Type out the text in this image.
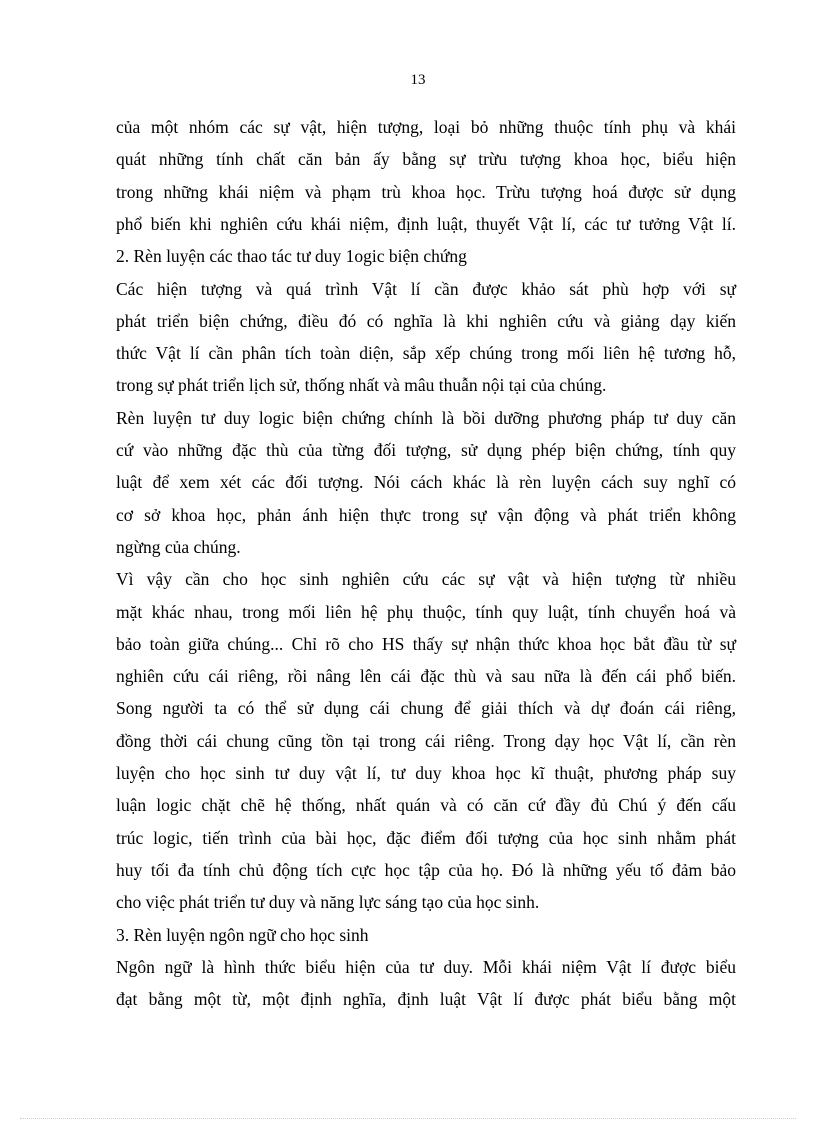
13
của một nhóm các sự vật, hiện tượng, loại bỏ những thuộc tính phụ và khái
quát những tính chất căn bản ấy bằng sự trừu tượng khoa học, biểu hiện
trong những khái niệm và phạm trù khoa học. Trừu tượng hoá được sử dụng
phổ biến khi nghiên cứu khái niệm, định luật, thuyết Vật lí, các tư tưởng Vật lí.
2. Rèn luyện các thao tác tư duy 1ogic biện chứng
Các hiện tượng và quá trình Vật lí cần được khảo sát phù hợp với sự
phát triển biện chứng, điều đó có nghĩa là khi nghiên cứu và giảng dạy kiến
thức Vật lí cần phân tích toàn diện, sắp xếp chúng trong mối liên hệ tương hỗ,
trong sự phát triển lịch sử, thống nhất và mâu thuẫn nội tại của chúng.
Rèn luyện tư duy logic biện chứng chính là bồi dưỡng phương pháp tư duy căn
cứ vào những đặc thù của từng đối tượng, sử dụng phép biện chứng, tính quy
luật để xem xét các đối tượng. Nói cách khác là rèn luyện cách suy nghĩ có
cơ sở khoa học, phản ánh hiện thực trong sự vận động và phát triển không
ngừng của chúng.
Vì vậy cần cho học sinh nghiên cứu các sự vật và hiện tượng từ nhiều
mặt khác nhau, trong mối liên hệ phụ thuộc, tính quy luật, tính chuyển hoá và
bảo toàn giữa chúng... Chỉ rõ cho HS thấy sự nhận thức khoa học bắt đầu từ sự
nghiên cứu cái riêng, rồi nâng lên cái đặc thù và sau nữa là đến cái phổ biến.
Song người ta có thể sử dụng cái chung để giải thích và dự đoán cái riêng,
đồng thời cái chung cũng tồn tại trong cái riêng. Trong dạy học Vật lí, cần rèn
luyện cho học sinh tư duy vật lí, tư duy khoa học kĩ thuật, phương pháp suy
luận logic chặt chẽ hệ thống, nhất quán và có căn cứ đầy đủ Chú ý đến cấu
trúc logic, tiến trình của bài học, đặc điểm đối tượng của học sinh nhằm phát
huy tối đa tính chủ động tích cực học tập của họ. Đó là những yếu tố đảm bảo
cho việc phát triển tư duy và năng lực sáng tạo của học sinh.
3. Rèn luyện ngôn ngữ cho học sinh
Ngôn ngữ là hình thức biểu hiện của tư duy. Mỗi khái niệm Vật lí được biểu
đạt bằng một từ, một định nghĩa, định luật Vật lí được phát biểu bằng một
